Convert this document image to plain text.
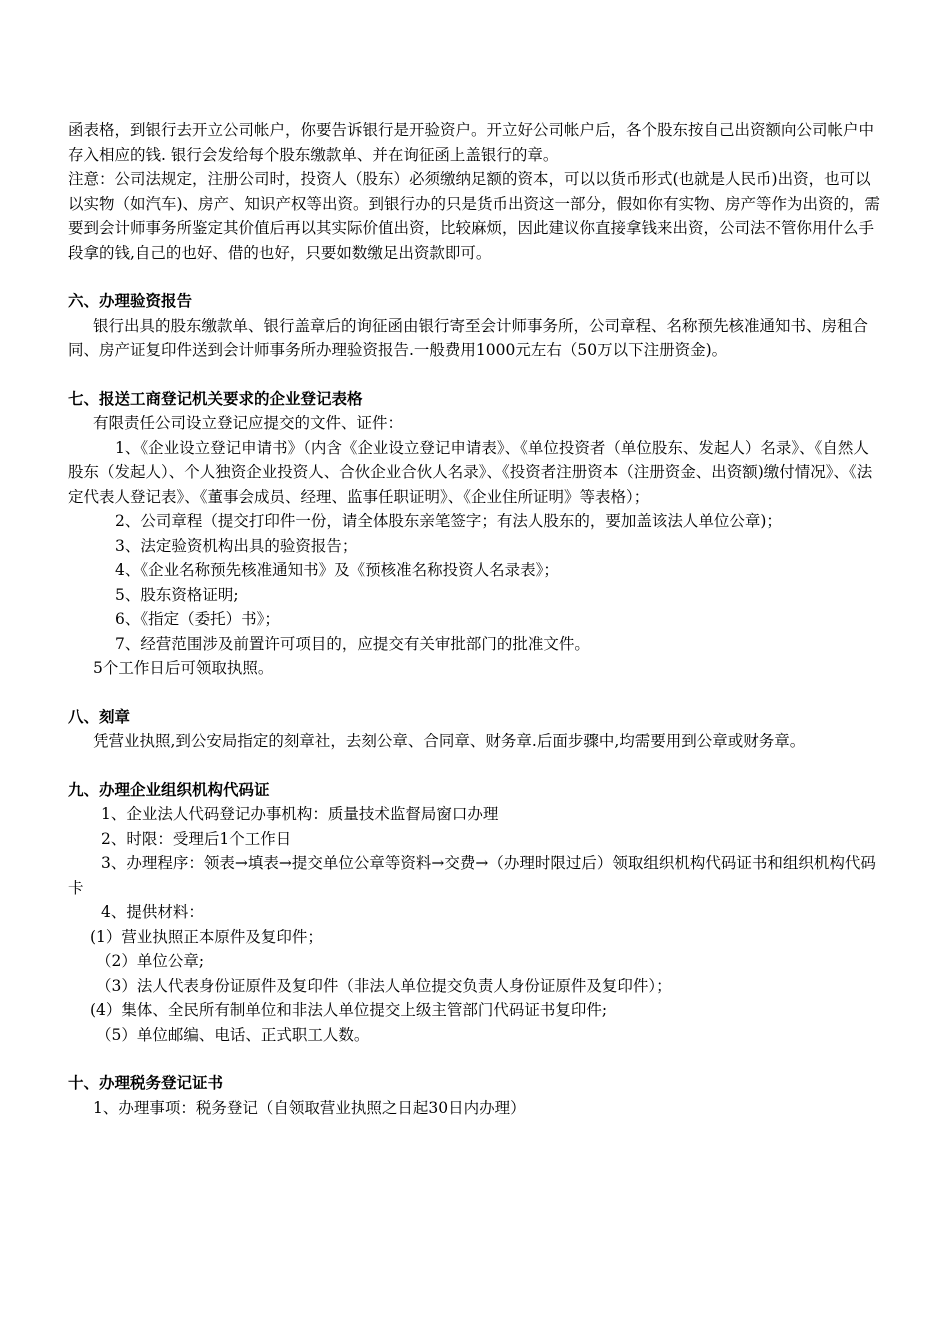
函表格，到银行去开立公司帐户，你要告诉银行是开验资户。开立好公司帐户后，各个股东按自己出资额向公司帐户中存入相应的钱. 银行会发给每个股东缴款单、并在询征函上盖银行的章。

注意：公司法规定，注册公司时，投资人（股东）必须缴纳足额的资本，可以以货币形式(也就是人民币)出资，也可以以实物（如汽车)、房产、知识产权等出资。到银行办的只是货币出资这一部分，假如你有实物、房产等作为出资的，需要到会计师事务所鉴定其价值后再以其实际价值出资，比较麻烦，因此建议你直接拿钱来出资，公司法不管你用什么手段拿的钱,自己的也好、借的也好，只要如数缴足出资款即可。

六、办理验资报告

银行出具的股东缴款单、银行盖章后的询征函由银行寄至会计师事务所，公司章程、名称预先核准通知书、房租合同、房产证复印件送到会计师事务所办理验资报告.一般费用1000元左右（50万以下注册资金)。

七、报送工商登记机关要求的企业登记表格

有限责任公司设立登记应提交的文件、证件：

1、《企业设立登记申请书》（内含《企业设立登记申请表》、《单位投资者（单位股东、发起人）名录》、《自然人股东（发起人）、个人独资企业投资人、合伙企业合伙人名录》、《投资者注册资本（注册资金、出资额)缴付情况》、《法定代表人登记表》、《董事会成员、经理、监事任职证明》、《企业住所证明》等表格）；

2、公司章程（提交打印件一份，请全体股东亲笔签字；有法人股东的，要加盖该法人单位公章)；

3、法定验资机构出具的验资报告；

4、《企业名称预先核准通知书》及《预核准名称投资人名录表》；

5、股东资格证明;

6、《指定（委托）书》；

7、经营范围涉及前置许可项目的，应提交有关审批部门的批准文件。

5个工作日后可领取执照。

八、刻章

凭营业执照,到公安局指定的刻章社，去刻公章、合同章、财务章.后面步骤中,均需要用到公章或财务章。

九、办理企业组织机构代码证

1、企业法人代码登记办事机构：质量技术监督局窗口办理

2、时限：受理后1个工作日

3、办理程序：领表→填表→提交单位公章等资料→交费→（办理时限过后）领取组织机构代码证书和组织机构代码卡

4、提供材料：

(1）营业执照正本原件及复印件；

（2）单位公章;

（3）法人代表身份证原件及复印件（非法人单位提交负责人身份证原件及复印件）；

(4）集体、全民所有制单位和非法人单位提交上级主管部门代码证书复印件;

（5）单位邮编、电话、正式职工人数。

十、办理税务登记证书

1、办理事项：税务登记（自领取营业执照之日起30日内办理）
